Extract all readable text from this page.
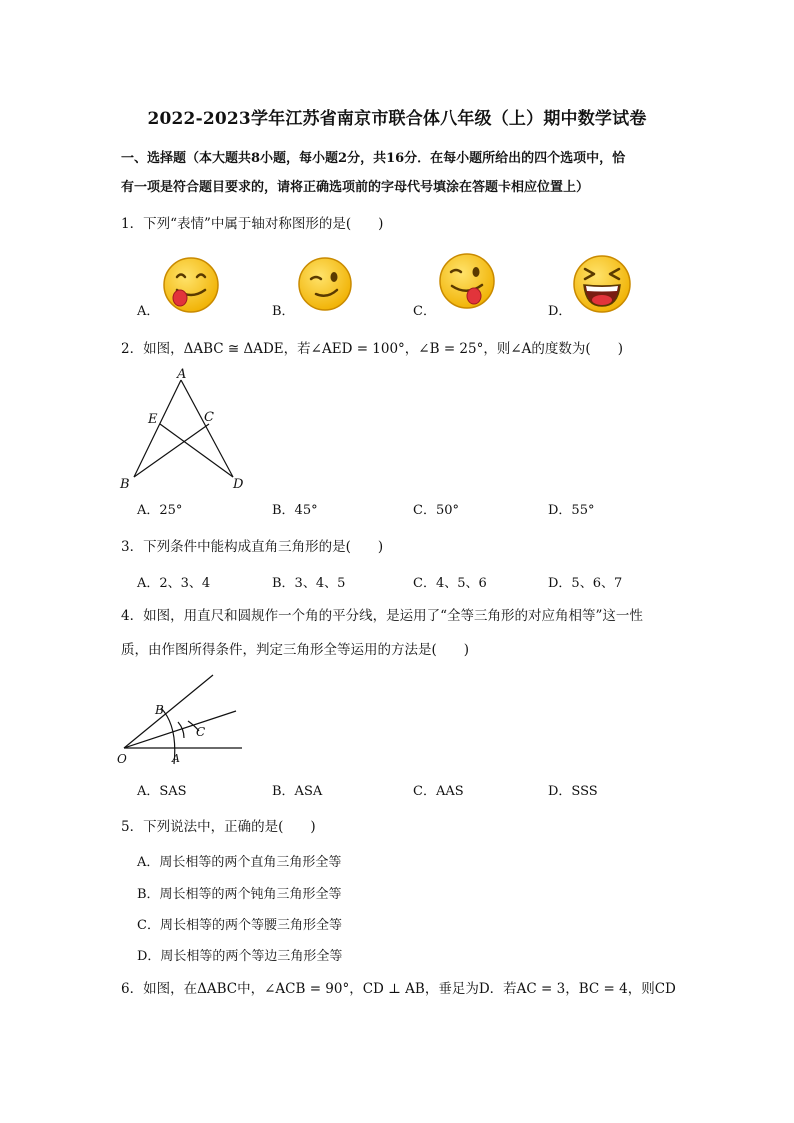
2022-2023学年江苏省南京市联合体八年级（上）期中数学试卷
一、选择题（本大题共8小题，每小题2分，共16分．在每小题所给出的四个选项中，恰
有一项是符合题目要求的，请将正确选项前的字母代号填涂在答题卡相应位置上）
1．下列“表情”中属于轴对称图形的是(　　)
A．	B．	C．	D．
2．如图，ΔABC ≅ ΔADE，若∠AED = 100°，∠B = 25°，则∠A的度数为(　　)
A
E	C
B	D
A．25°	B．45°	C．50°	D．55°
3．下列条件中能构成直角三角形的是(　　)
A．2、3、4	B．3、4、5	C．4、5、6	D．5、6、7
4．如图，用直尺和圆规作一个角的平分线，是运用了“全等三角形的对应角相等”这一性
质，由作图所得条件，判定三角形全等运用的方法是(　　)
B
C
O	A
A．SAS	B．ASA	C．AAS	D．SSS
5．下列说法中，正确的是(　　)
A．周长相等的两个直角三角形全等
B．周长相等的两个钝角三角形全等
C．周长相等的两个等腰三角形全等
D．周长相等的两个等边三角形全等
6．如图，在ΔABC中，∠ACB = 90°，CD ⊥ AB，垂足为D．若AC = 3，BC = 4，则CD
